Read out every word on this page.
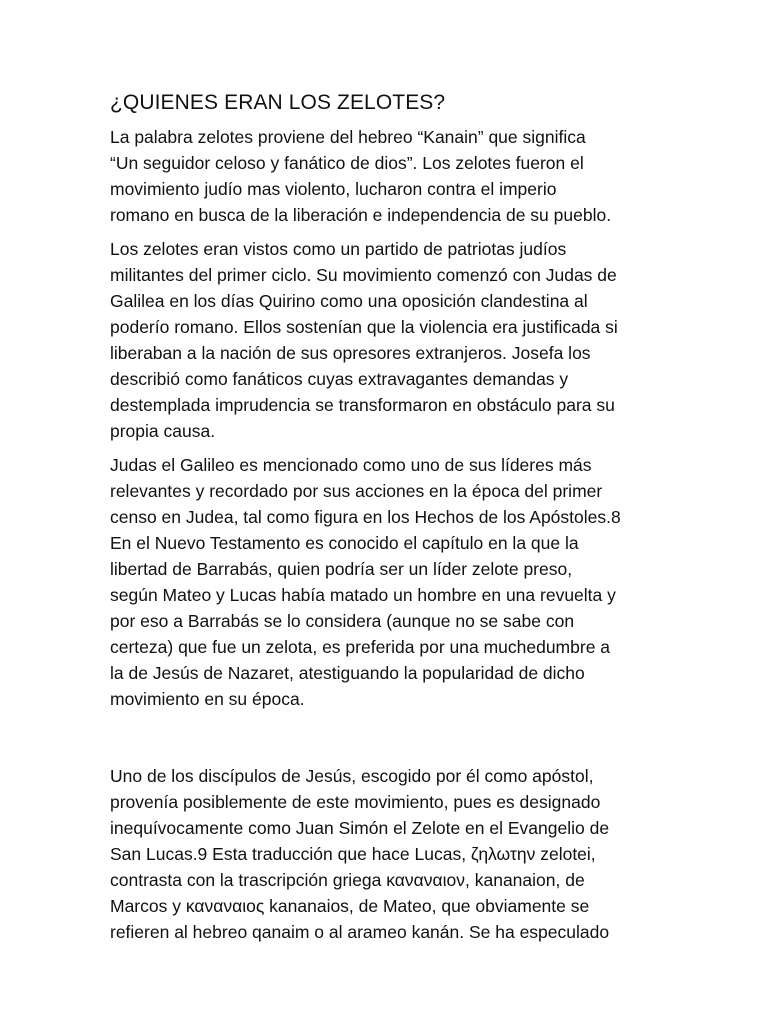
¿QUIENES ERAN LOS ZELOTES?

La palabra zelotes proviene del hebreo “Kanain” que significa
“Un seguidor celoso y fanático de dios”. Los zelotes fueron el
movimiento judío mas violento, lucharon contra el imperio
romano en busca de la liberación e independencia de su pueblo.

Los zelotes eran vistos como un partido de patriotas judíos
militantes del primer ciclo. Su movimiento comenzó con Judas de
Galilea en los días Quirino como una oposición clandestina al
poderío romano. Ellos sostenían que la violencia era justificada si
liberaban a la nación de sus opresores extranjeros. Josefa los
describió como fanáticos cuyas extravagantes demandas y
destemplada imprudencia se transformaron en obstáculo para su
propia causa.

Judas el Galileo es mencionado como uno de sus líderes más
relevantes y recordado por sus acciones en la época del primer
censo en Judea, tal como figura en los Hechos de los Apóstoles.8
En el Nuevo Testamento es conocido el capítulo en la que la
libertad de Barrabás, quien podría ser un líder zelote preso,
según Mateo y Lucas había matado un hombre en una revuelta y
por eso a Barrabás se lo considera (aunque no se sabe con
certeza) que fue un zelota, es preferida por una muchedumbre a
la de Jesús de Nazaret, atestiguando la popularidad de dicho
movimiento en su época.

Uno de los discípulos de Jesús, escogido por él como apóstol,
provenía posiblemente de este movimiento, pues es designado
inequívocamente como Juan Simón el Zelote en el Evangelio de
San Lucas.9 Esta traducción que hace Lucas, ζηλωτην zelotei,
contrasta con la trascripción griega καναναιον, kananaion, de
Marcos y καναναιος kananaios, de Mateo, que obviamente se
refieren al hebreo qanaim o al arameo kanán. Se ha especulado
